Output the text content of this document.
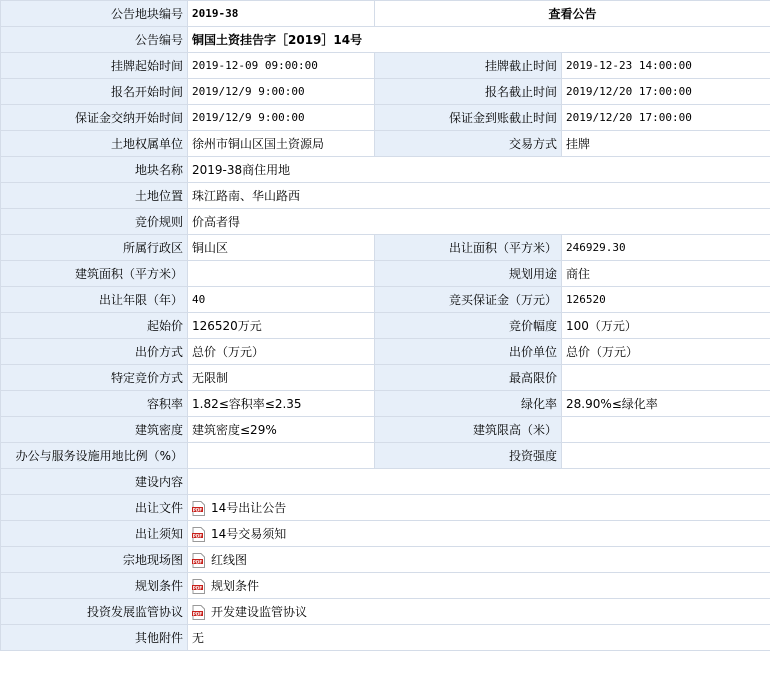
公告地块编号	2019-38	查看公告	
公告编号	铜国土资挂告字［2019］14号		
挂牌起始时间	2019-12-09 09:00:00	挂牌截止时间	2019-12-23 14:00:00
报名开始时间	2019/12/9 9:00:00	报名截止时间	2019/12/20 17:00:00
保证金交纳开始时间	2019/12/9 9:00:00	保证金到账截止时间	2019/12/20 17:00:00
土地权属单位	徐州市铜山区国土资源局	交易方式	挂牌
地块名称	2019-38商住用地		
土地位置	珠江路南、华山路西		
竞价规则	价高者得		
所属行政区	铜山区	出让面积（平方米）	246929.30
建筑面积（平方米）		规划用途	商住
出让年限（年）	40	竞买保证金（万元）	126520
起始价	126520万元	竞价幅度	100（万元）
出价方式	总价（万元）	出价单位	总价（万元）
特定竞价方式	无限制	最高限价	
容积率	1.82≤容积率≤2.35	绿化率	28.90%≤绿化率
建筑密度	建筑密度≤29%	建筑限高（米）	
办公与服务设施用地比例（%）		投资强度	
建设内容			
出让文件	PDF 14号出让公告		
出让须知	PDF 14号交易须知		
宗地现场图	PDF 红线图		
规划条件	PDF 规划条件		
投资发展监管协议	PDF 开发建设监管协议		
其他附件	无		
